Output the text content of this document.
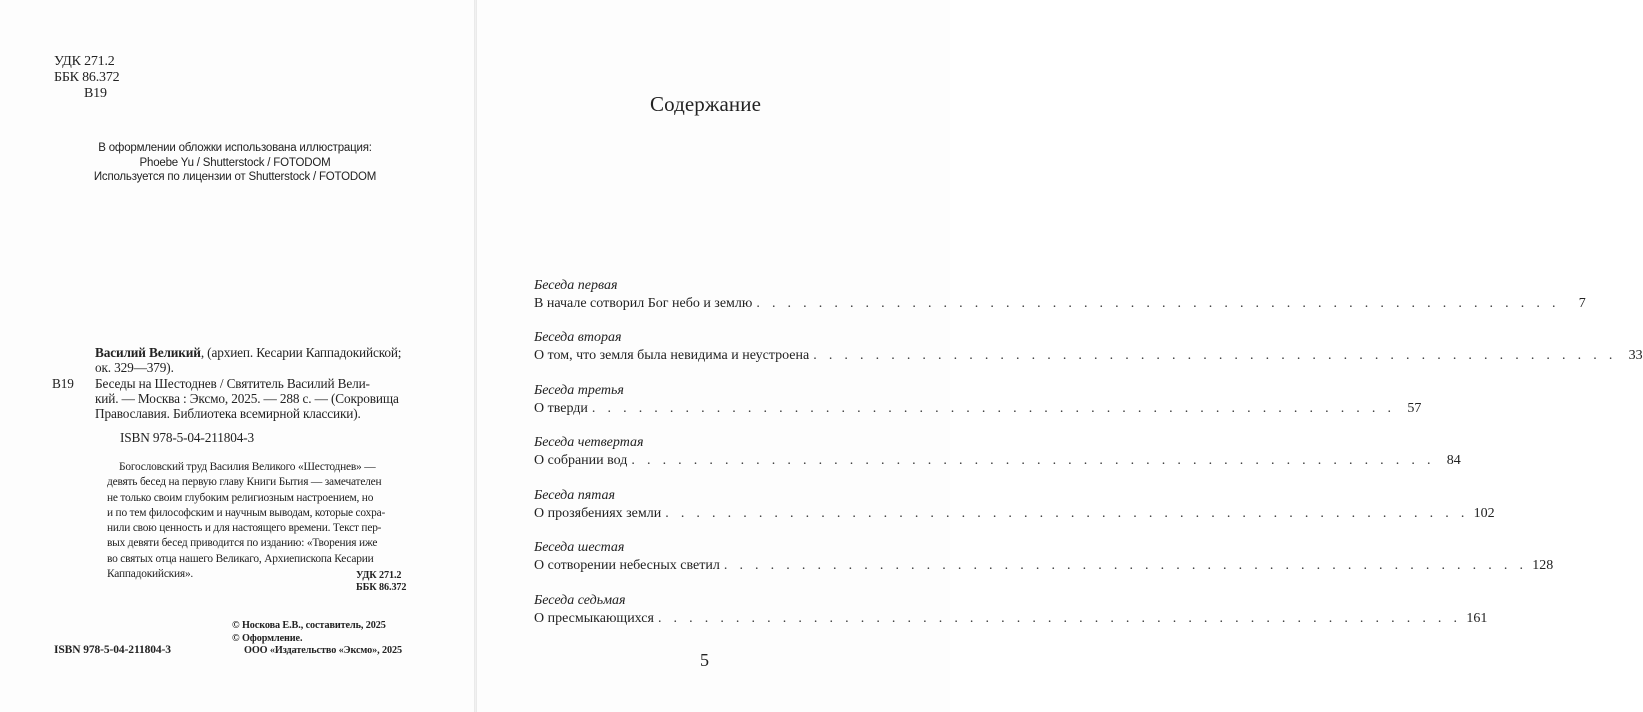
УДК 271.2
ББК 86.372
В19
В оформлении обложки использована иллюстрация:
Phoebe Yu / Shutterstock / FOTODOM
Используется по лицензии от Shutterstock / FOTODOM
Василий Великий, (архиеп. Кесарии Каппадокийской;
ок. 329—379).
В19 Беседы на Шестоднев / Святитель Василий Вели-
кий. — Москва : Эксмо, 2025. — 288 с. — (Сокровища
Православия. Библиотека всемирной классики).
ISBN 978-5-04-211804-3
Богословский труд Василия Великого «Шестоднев» —
девять бесед на первую главу Книги Бытия — замечателен
не только своим глубоким религиозным настроением, но
и по тем философским и научным выводам, которые сохра-
нили свою ценность и для настоящего времени. Текст пер-
вых девяти бесед приводится по изданию: «Творения иже
во святых отца нашего Великаго, Архиепископа Кесарии
Каппадокийския».	УДК 271.2
ББК 86.372
© Носкова Е.В., составитель, 2025
© Оформление.
ООО «Издательство «Эксмо», 2025
ISBN 978-5-04-211804-3
Содержание
Беседа первая
В начале сотворил Бог небо и землю . . . . . . . . . . . . . . . . . . . . . . . . . . . . . . . . . . . . . . . . . . . . . . . . . . . .	7
Беседа вторая
О том, что земля была невидима и неустроена . . . . . . . . . . . . . . . . . . . . . . . . . . . . . . . . . . . . . . . . . . . . . . . . . . . . 33
Беседа третья
О тверди . . . . . . . . . . . . . . . . . . . . . . . . . . . . . . . . . . . . . . . . . . . . . . . . . . . . 57
Беседа четвертая
О собрании вод . . . . . . . . . . . . . . . . . . . . . . . . . . . . . . . . . . . . . . . . . . . . . . . . . . . . 84
Беседа пятая
О прозябениях земли . . . . . . . . . . . . . . . . . . . . . . . . . . . . . . . . . . . . . . . . . . . . . . . . . . . . 102
Беседа шестая
О сотворении небесных светил . . . . . . . . . . . . . . . . . . . . . . . . . . . . . . . . . . . . . . . . . . . . . . . . . . . . 128
Беседа седьмая
О пресмыкающихся . . . . . . . . . . . . . . . . . . . . . . . . . . . . . . . . . . . . . . . . . . . . . . . . . . . . 161
5
